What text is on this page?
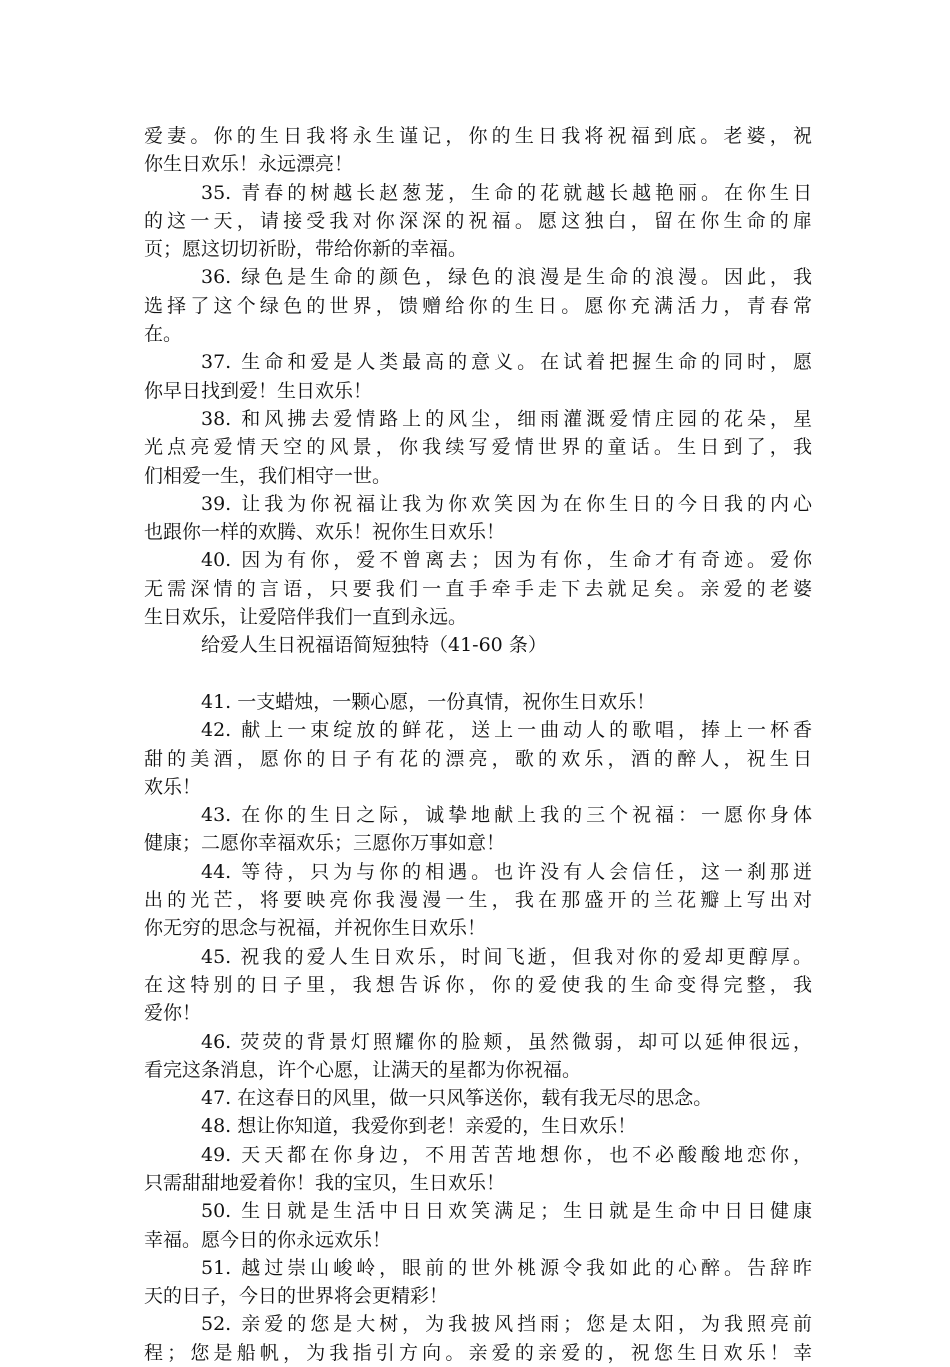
爱妻。你的生日我将永生谨记，你的生日我将祝福到底。老婆，祝
你生日欢乐！永远漂亮！
35. 青春的树越长赵葱茏，生命的花就越长越艳丽。在你生日
的这一天，请接受我对你深深的祝福。愿这独白，留在你生命的扉
页；愿这切切祈盼，带给你新的幸福。
36. 绿色是生命的颜色，绿色的浪漫是生命的浪漫。因此，我
选择了这个绿色的世界，馈赠给你的生日。愿你充满活力，青春常
在。
37. 生命和爱是人类最高的意义。在试着把握生命的同时，愿
你早日找到爱！生日欢乐！
38. 和风拂去爱情路上的风尘，细雨灌溉爱情庄园的花朵，星
光点亮爱情天空的风景，你我续写爱情世界的童话。生日到了，我
们相爱一生，我们相守一世。
39. 让我为你祝福让我为你欢笑因为在你生日的今日我的内心
也跟你一样的欢腾、欢乐！祝你生日欢乐！
40. 因为有你，爱不曾离去；因为有你，生命才有奇迹。爱你
无需深情的言语，只要我们一直手牵手走下去就足矣。亲爱的老婆
生日欢乐，让爱陪伴我们一直到永远。
给爱人生日祝福语简短独特（41-60 条）
41. 一支蜡烛，一颗心愿，一份真情，祝你生日欢乐！
42. 献上一束绽放的鲜花，送上一曲动人的歌唱，捧上一杯香
甜的美酒，愿你的日子有花的漂亮，歌的欢乐，酒的醉人，祝生日
欢乐！
43. 在你的生日之际，诚挚地献上我的三个祝福：一愿你身体
健康；二愿你幸福欢乐；三愿你万事如意！
44. 等待，只为与你的相遇。也许没有人会信任，这一刹那迸
出的光芒，将要映亮你我漫漫一生，我在那盛开的兰花瓣上写出对
你无穷的思念与祝福，并祝你生日欢乐！
45. 祝我的爱人生日欢乐，时间飞逝，但我对你的爱却更醇厚。
在这特别的日子里，我想告诉你，你的爱使我的生命变得完整，我
爱你！
46. 荧荧的背景灯照耀你的脸颊，虽然微弱，却可以延伸很远，
看完这条消息，许个心愿，让满天的星都为你祝福。
47. 在这春日的风里，做一只风筝送你，载有我无尽的思念。
48. 想让你知道，我爱你到老！亲爱的，生日欢乐！
49. 天天都在你身边，不用苦苦地想你，也不必酸酸地恋你，
只需甜甜地爱着你！我的宝贝，生日欢乐！
50. 生日就是生活中日日欢笑满足；生日就是生命中日日健康
幸福。愿今日的你永远欢乐！
51. 越过崇山峻岭，眼前的世外桃源令我如此的心醉。告辞昨
天的日子，今日的世界将会更精彩！
52. 亲爱的您是大树，为我披风挡雨；您是太阳，为我照亮前
程；您是船帆，为我指引方向。亲爱的亲爱的，祝您生日欢乐！幸
